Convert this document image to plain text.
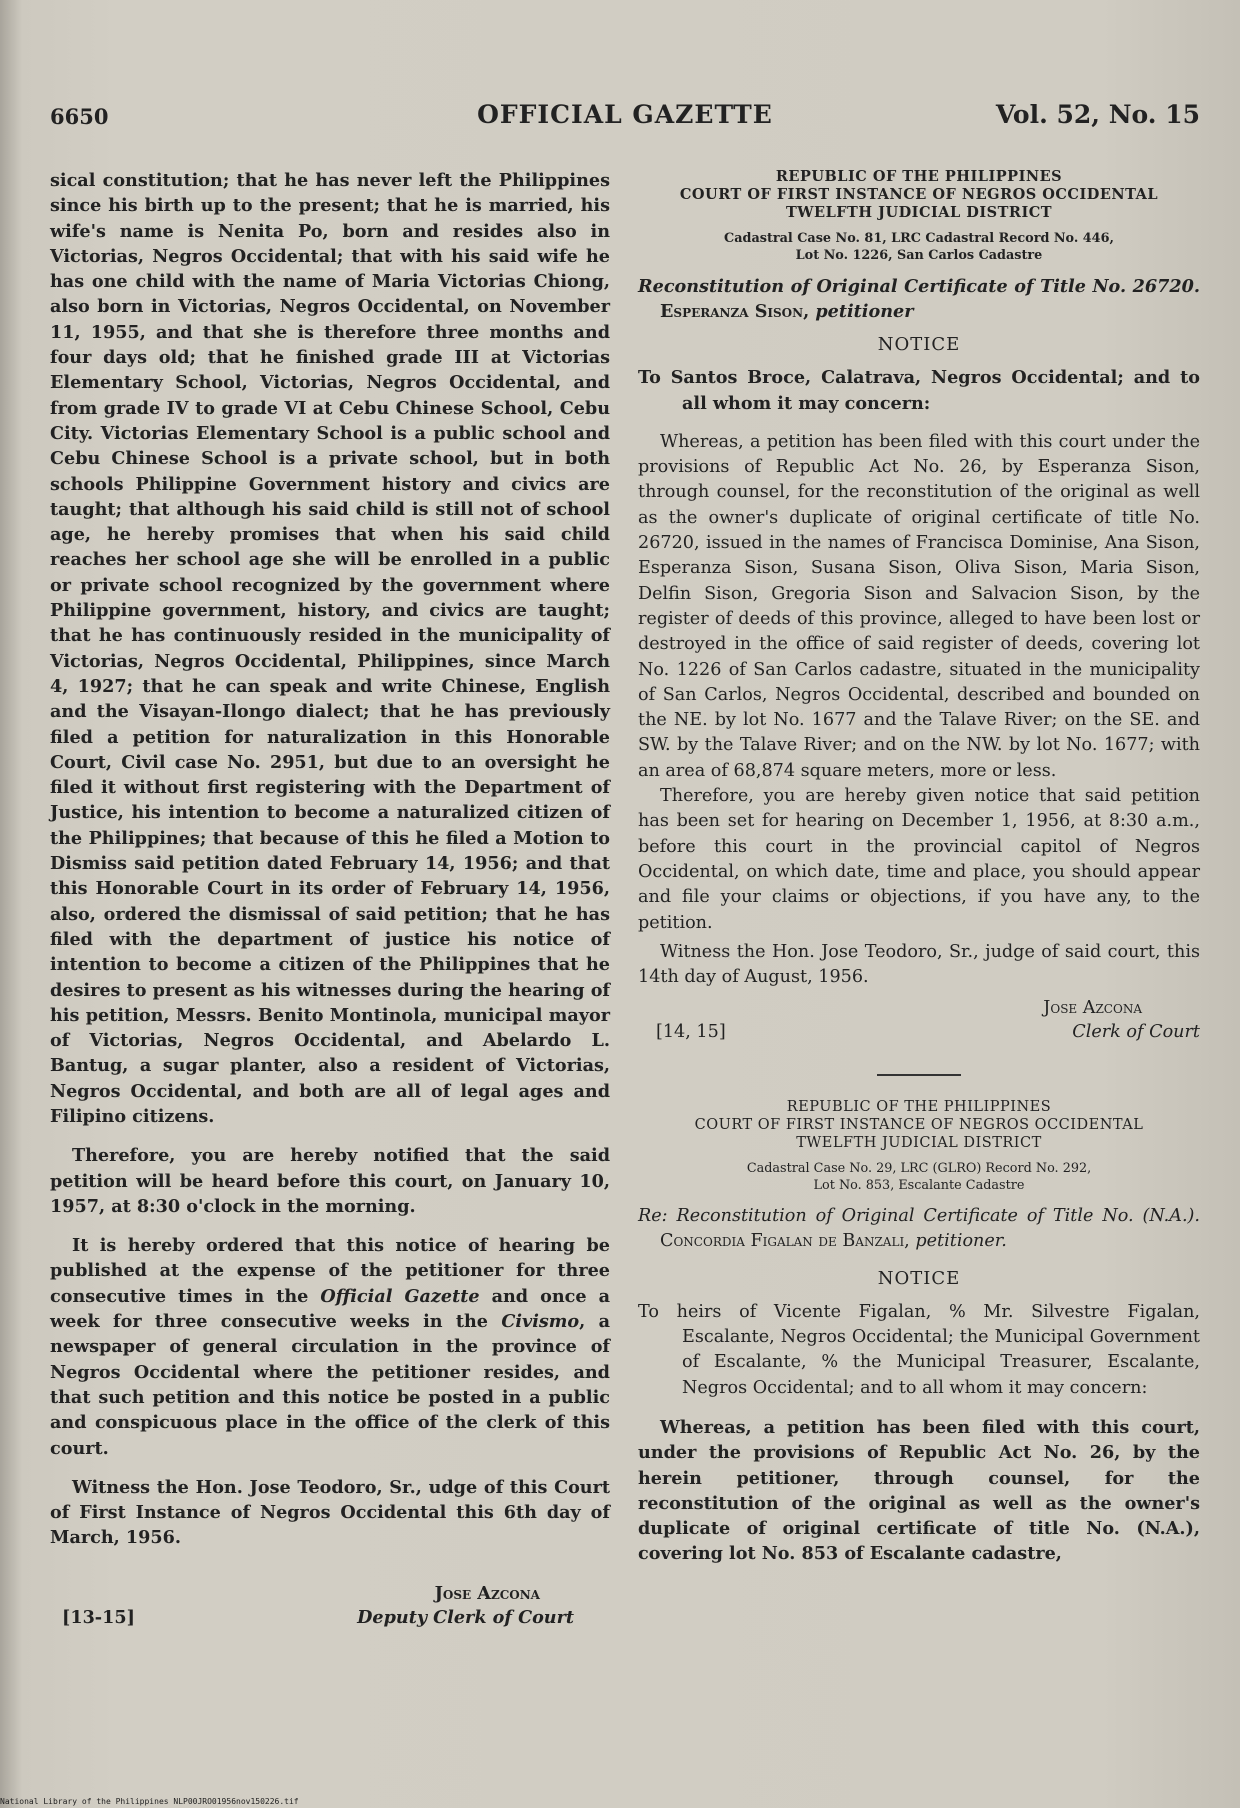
6650	OFFICIAL GAZETTE	Vol. 52, No. 15

sical constitution; that he has never left the Philippines since his birth up to the present; that he is married, his wife's name is Nenita Po, born and resides also in Victorias, Negros Occidental; that with his said wife he has one child with the name of Maria Victorias Chiong, also born in Victorias, Negros Occidental, on November 11, 1955, and that she is therefore three months and four days old; that he finished grade III at Victorias Elementary School, Victorias, Negros Occidental, and from grade IV to grade VI at Cebu Chinese School, Cebu City. Victorias Elementary School is a public school and Cebu Chinese School is a private school, but in both schools Philippine Government history and civics are taught; that although his said child is still not of school age, he hereby promises that when his said child reaches her school age she will be enrolled in a public or private school recognized by the government where Philippine government, history, and civics are taught; that he has continuously resided in the municipality of Victorias, Negros Occidental, Philippines, since March 4, 1927; that he can speak and write Chinese, English and the Visayan-Ilongo dialect; that he has previously filed a petition for naturalization in this Honorable Court, Civil case No. 2951, but due to an oversight he filed it without first registering with the Department of Justice, his intention to become a naturalized citizen of the Philippines; that because of this he filed a Motion to Dismiss said petition dated February 14, 1956; and that this Honorable Court in its order of February 14, 1956, also, ordered the dismissal of said petition; that he has filed with the department of justice his notice of intention to become a citizen of the Philippines that he desires to present as his witnesses during the hearing of his petition, Messrs. Benito Montinola, municipal mayor of Victorias, Negros Occidental, and Abelardo L. Bantug, a sugar planter, also a resident of Victorias, Negros Occidental, and both are all of legal ages and Filipino citizens.

Therefore, you are hereby notified that the said petition will be heard before this court, on January 10, 1957, at 8:30 o'clock in the morning.

It is hereby ordered that this notice of hearing be published at the expense of the petitioner for three consecutive times in the Official Gazette and once a week for three consecutive weeks in the Civismo, a newspaper of general circulation in the province of Negros Occidental where the petitioner resides, and that such petition and this notice be posted in a public and conspicuous place in the office of the clerk of this court.

Witness the Hon. Jose Teodoro, Sr., udge of this Court of First Instance of Negros Occidental this 6th day of March, 1956.

Jose Azcona
Deputy Clerk of Court
[13-15]
REPUBLIC OF THE PHILIPPINES
COURT OF FIRST INSTANCE OF NEGROS OCCIDENTAL
TWELFTH JUDICIAL DISTRICT
Cadastral Case No. 81, LRC Cadastral Record No. 446,
Lot No. 1226, San Carlos Cadastre

Reconstitution of Original Certificate of Title No. 26720. Esperanza Sison, petitioner

NOTICE

To Santos Broce, Calatrava, Negros Occidental; and to all whom it may concern:

Whereas, a petition has been filed with this court under the provisions of Republic Act No. 26, by Esperanza Sison, through counsel, for the reconstitution of the original as well as the owner's duplicate of original certificate of title No. 26720, issued in the names of Francisca Dominise, Ana Sison, Esperanza Sison, Susana Sison, Oliva Sison, Maria Sison, Delfin Sison, Gregoria Sison and Salvacion Sison, by the register of deeds of this province, alleged to have been lost or destroyed in the office of said register of deeds, covering lot No. 1226 of San Carlos cadastre, situated in the municipality of San Carlos, Negros Occidental, described and bounded on the NE. by lot No. 1677 and the Talave River; on the SE. and SW. by the Talave River; and on the NW. by lot No. 1677; with an area of 68,874 square meters, more or less.

Therefore, you are hereby given notice that said petition has been set for hearing on December 1, 1956, at 8:30 a.m., before this court in the provincial capitol of Negros Occidental, on which date, time and place, you should appear and file your claims or objections, if you have any, to the petition.

Witness the Hon. Jose Teodoro, Sr., judge of said court, this 14th day of August, 1956.

Jose Azcona
Clerk of Court
[14, 15]
REPUBLIC OF THE PHILIPPINES
COURT OF FIRST INSTANCE OF NEGROS OCCIDENTAL
TWELFTH JUDICIAL DISTRICT
Cadastral Case No. 29, LRC (GLRO) Record No. 292,
Lot No. 853, Escalante Cadastre

Re: Reconstitution of Original Certificate of Title No. (N.A.). Concordia Figalan de Banzali, petitioner.

NOTICE

To heirs of Vicente Figalan, % Mr. Silvestre Figalan, Escalante, Negros Occidental; the Municipal Government of Escalante, % the Municipal Treasurer, Escalante, Negros Occidental; and to all whom it may concern:

Whereas, a petition has been filed with this court, under the provisions of Republic Act No. 26, by the herein petitioner, through counsel, for the reconstitution of the original as well as the owner's duplicate of original certificate of title No. (N.A.), covering lot No. 853 of Escalante cadastre,

National Library of the Philippines NLP00JRO01956nov150226.tif
